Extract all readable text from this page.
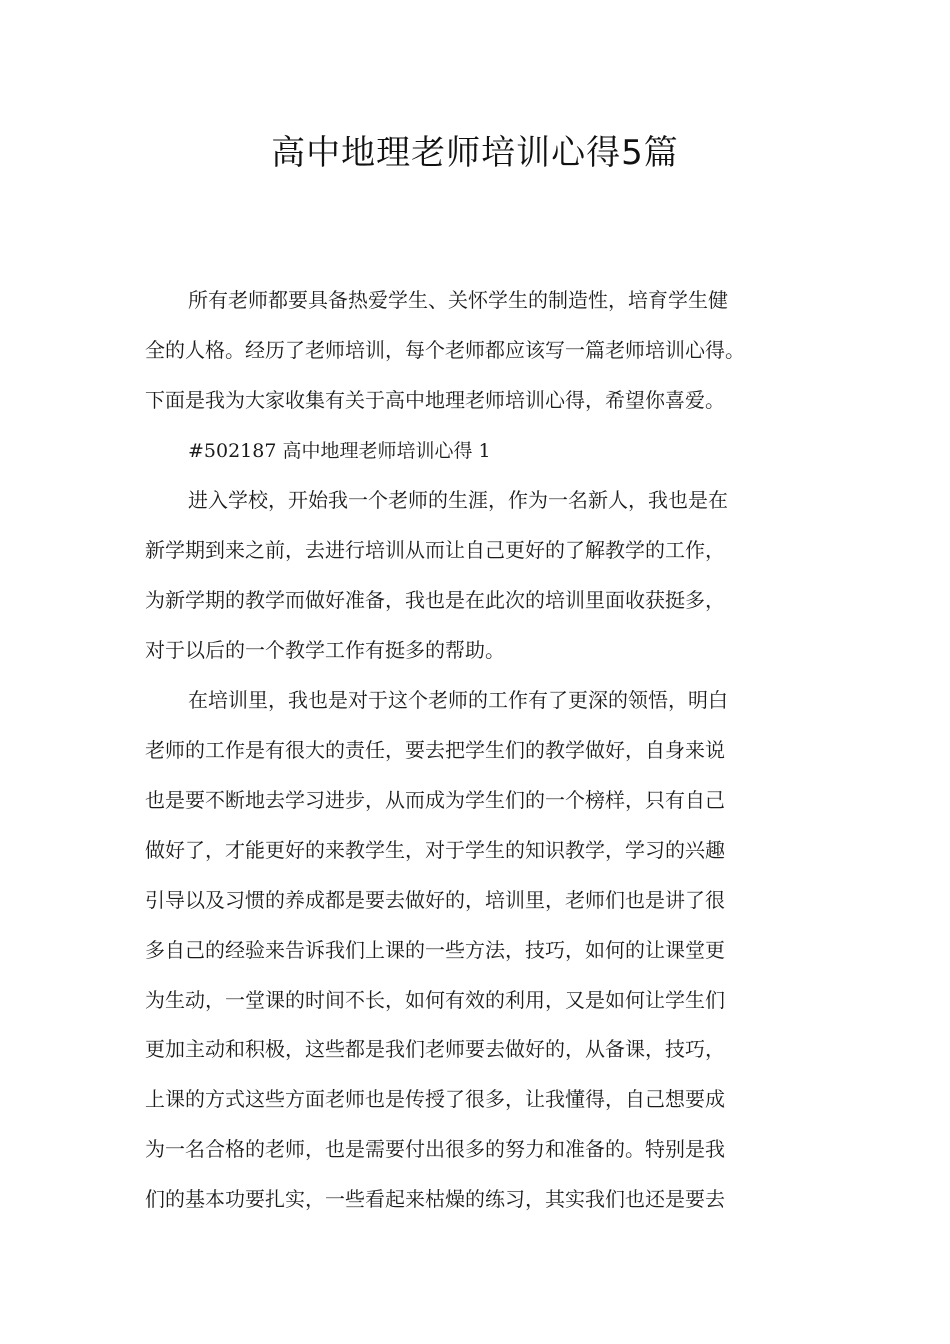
高中地理老师培训心得5篇

所有老师都要具备热爱学生、关怀学生的制造性，培育学生健

全的人格。经历了老师培训，每个老师都应该写一篇老师培训心得。

下面是我为大家收集有关于高中地理老师培训心得，希望你喜爱。

#502187 高中地理老师培训心得 1

进入学校，开始我一个老师的生涯，作为一名新人，我也是在

新学期到来之前，去进行培训从而让自己更好的了解教学的工作，

为新学期的教学而做好准备，我也是在此次的培训里面收获挺多，

对于以后的一个教学工作有挺多的帮助。

在培训里，我也是对于这个老师的工作有了更深的领悟，明白

老师的工作是有很大的责任，要去把学生们的教学做好，自身来说

也是要不断地去学习进步，从而成为学生们的一个榜样，只有自己

做好了，才能更好的来教学生，对于学生的知识教学，学习的兴趣

引导以及习惯的养成都是要去做好的，培训里，老师们也是讲了很

多自己的经验来告诉我们上课的一些方法，技巧，如何的让课堂更

为生动，一堂课的时间不长，如何有效的利用，又是如何让学生们

更加主动和积极，这些都是我们老师要去做好的，从备课，技巧，

上课的方式这些方面老师也是传授了很多，让我懂得，自己想要成

为一名合格的老师，也是需要付出很多的努力和准备的。特别是我

们的基本功要扎实，一些看起来枯燥的练习，其实我们也还是要去
